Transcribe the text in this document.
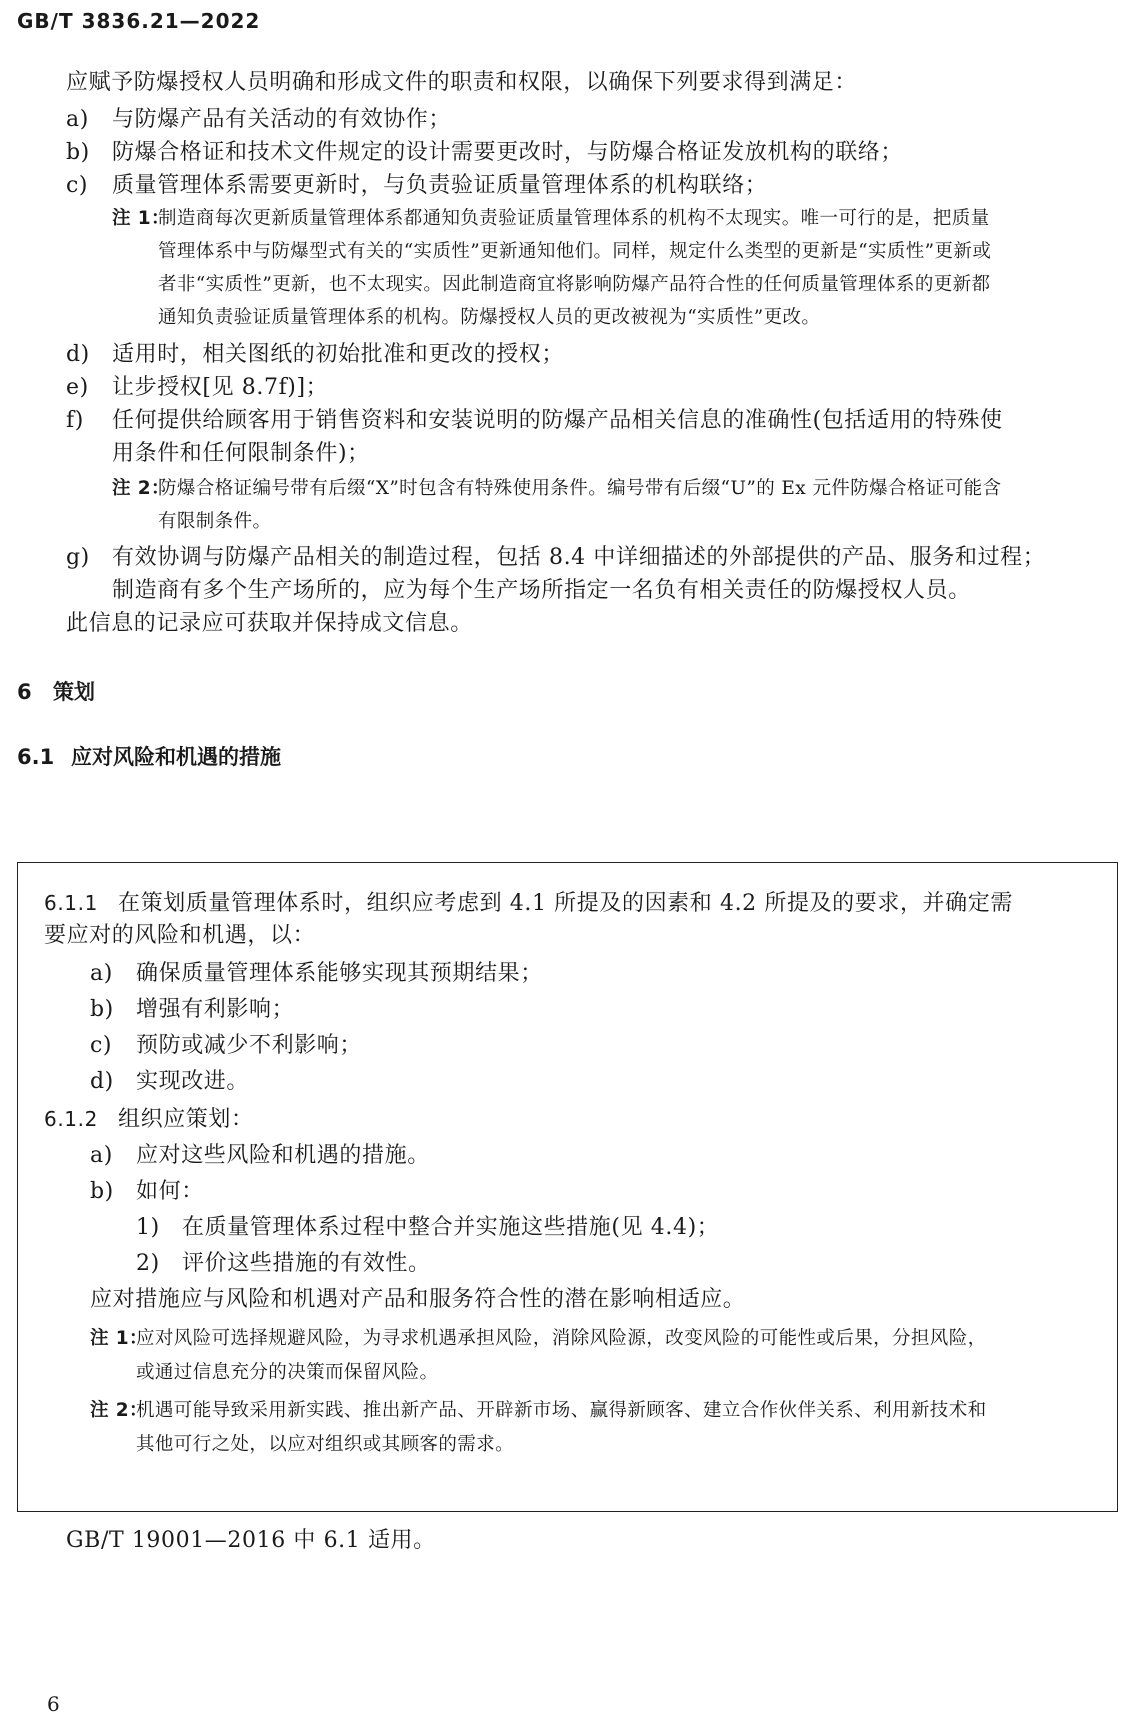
GB/T 3836.21—2022
应赋予防爆授权人员明确和形成文件的职责和权限，以确保下列要求得到满足：
a) 与防爆产品有关活动的有效协作；
b) 防爆合格证和技术文件规定的设计需要更改时，与防爆合格证发放机构的联络；
c) 质量管理体系需要更新时，与负责验证质量管理体系的机构联络；
注 1：制造商每次更新质量管理体系都通知负责验证质量管理体系的机构不太现实。唯一可行的是，把质量
管理体系中与防爆型式有关的“实质性”更新通知他们。同样，规定什么类型的更新是“实质性”更新或
者非“实质性”更新，也不太现实。因此制造商宜将影响防爆产品符合性的任何质量管理体系的更新都
通知负责验证质量管理体系的机构。防爆授权人员的更改被视为“实质性”更改。
d) 适用时，相关图纸的初始批准和更改的授权；
e) 让步授权[见 8.7f)]；
f) 任何提供给顾客用于销售资料和安装说明的防爆产品相关信息的准确性(包括适用的特殊使
用条件和任何限制条件)；
注 2：防爆合格证编号带有后缀“X”时包含有特殊使用条件。编号带有后缀“U”的 Ex 元件防爆合格证可能含
有限制条件。
g) 有效协调与防爆产品相关的制造过程，包括 8.4 中详细描述的外部提供的产品、服务和过程；
制造商有多个生产场所的，应为每个生产场所指定一名负有相关责任的防爆授权人员。
此信息的记录应可获取并保持成文信息。
6 策划
6.1 应对风险和机遇的措施
6.1.1 在策划质量管理体系时，组织应考虑到 4.1 所提及的因素和 4.2 所提及的要求，并确定需
要应对的风险和机遇，以：
a) 确保质量管理体系能够实现其预期结果；
b) 增强有利影响；
c) 预防或减少不利影响；
d) 实现改进。
6.1.2 组织应策划：
a) 应对这些风险和机遇的措施。
b) 如何：
1) 在质量管理体系过程中整合并实施这些措施(见 4.4)；
2) 评价这些措施的有效性。
应对措施应与风险和机遇对产品和服务符合性的潜在影响相适应。
注 1：应对风险可选择规避风险，为寻求机遇承担风险，消除风险源，改变风险的可能性或后果，分担风险，
或通过信息充分的决策而保留风险。
注 2：机遇可能导致采用新实践、推出新产品、开辟新市场、赢得新顾客、建立合作伙伴关系、利用新技术和
其他可行之处，以应对组织或其顾客的需求。
GB/T 19001—2016 中 6.1 适用。
6
